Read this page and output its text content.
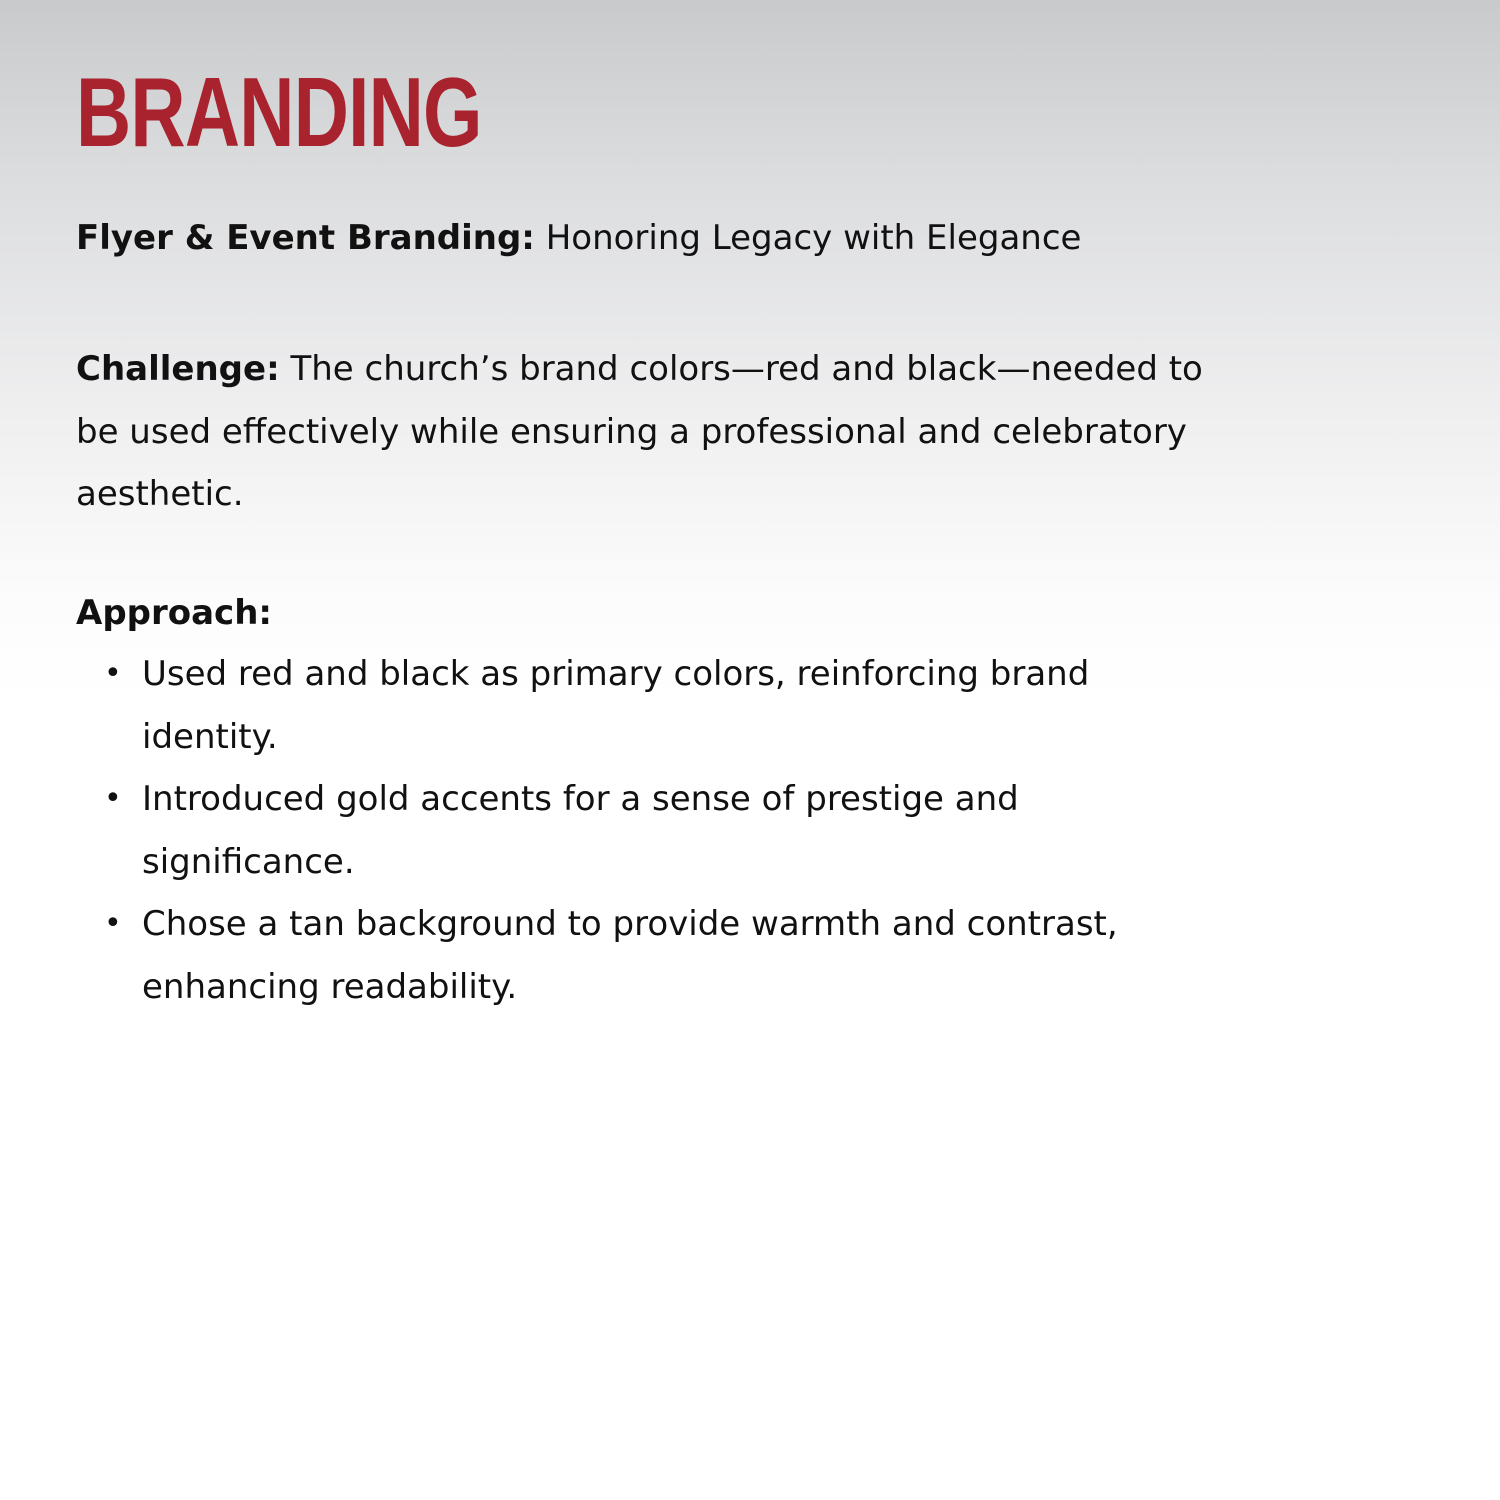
BRANDING

Flyer & Event Branding: Honoring Legacy with Elegance

Challenge: The church’s brand colors—red and black—needed to be used effectively while ensuring a professional and celebratory aesthetic.

Approach:

• Used red and black as primary colors, reinforcing brand identity.
• Introduced gold accents for a sense of prestige and significance.
• Chose a tan background to provide warmth and contrast, enhancing readability.
